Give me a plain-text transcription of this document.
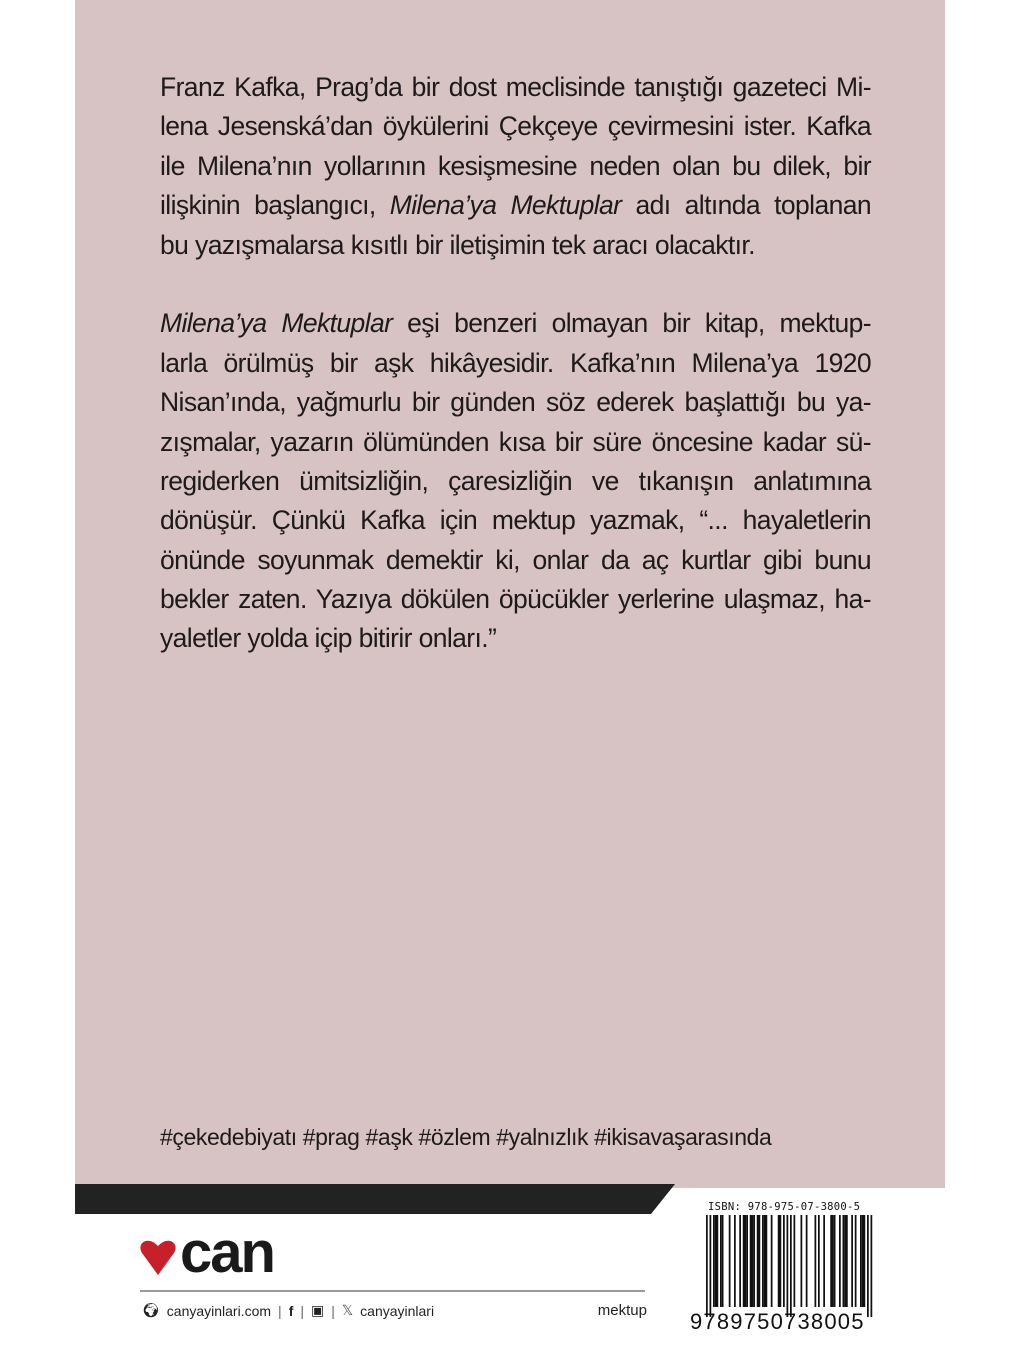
Franz Kafka, Prag’da bir dost meclisinde tanıştığı gazeteci Mi-
lena Jesenská’dan öykülerini Çekçeye çevirmesini ister. Kafka
ile Milena’nın yollarının kesişmesine neden olan bu dilek, bir
ilişkinin başlangıcı, Milena’ya Mektuplar adı altında toplanan
bu yazışmalarsa kısıtlı bir iletişimin tek aracı olacaktır.
Milena’ya Mektuplar eşi benzeri olmayan bir kitap, mektup-
larla örülmüş bir aşk hikâyesidir. Kafka’nın Milena’ya 1920
Nisan’ında, yağmurlu bir günden söz ederek başlattığı bu ya-
zışmalar, yazarın ölümünden kısa bir süre öncesine kadar sü-
regiderken ümitsizliğin, çaresizliğin ve tıkanışın anlatımına
dönüşür. Çünkü Kafka için mektup yazmak, “... hayaletlerin
önünde soyunmak demektir ki, onlar da aç kurtlar gibi bunu
bekler zaten. Yazıya dökülen öpücükler yerlerine ulaşmaz, ha-
yaletler yolda içip bitirir onları.”
#çekedebiyatı #prag #aşk #özlem #yalnızlık #ikisavaşarasında
can
🌍︎ canyayinlari.com | f | ▣ | 𝕏 canyayinlari	mektup
ISBN: 978-975-07-3800-5
9789750738005
